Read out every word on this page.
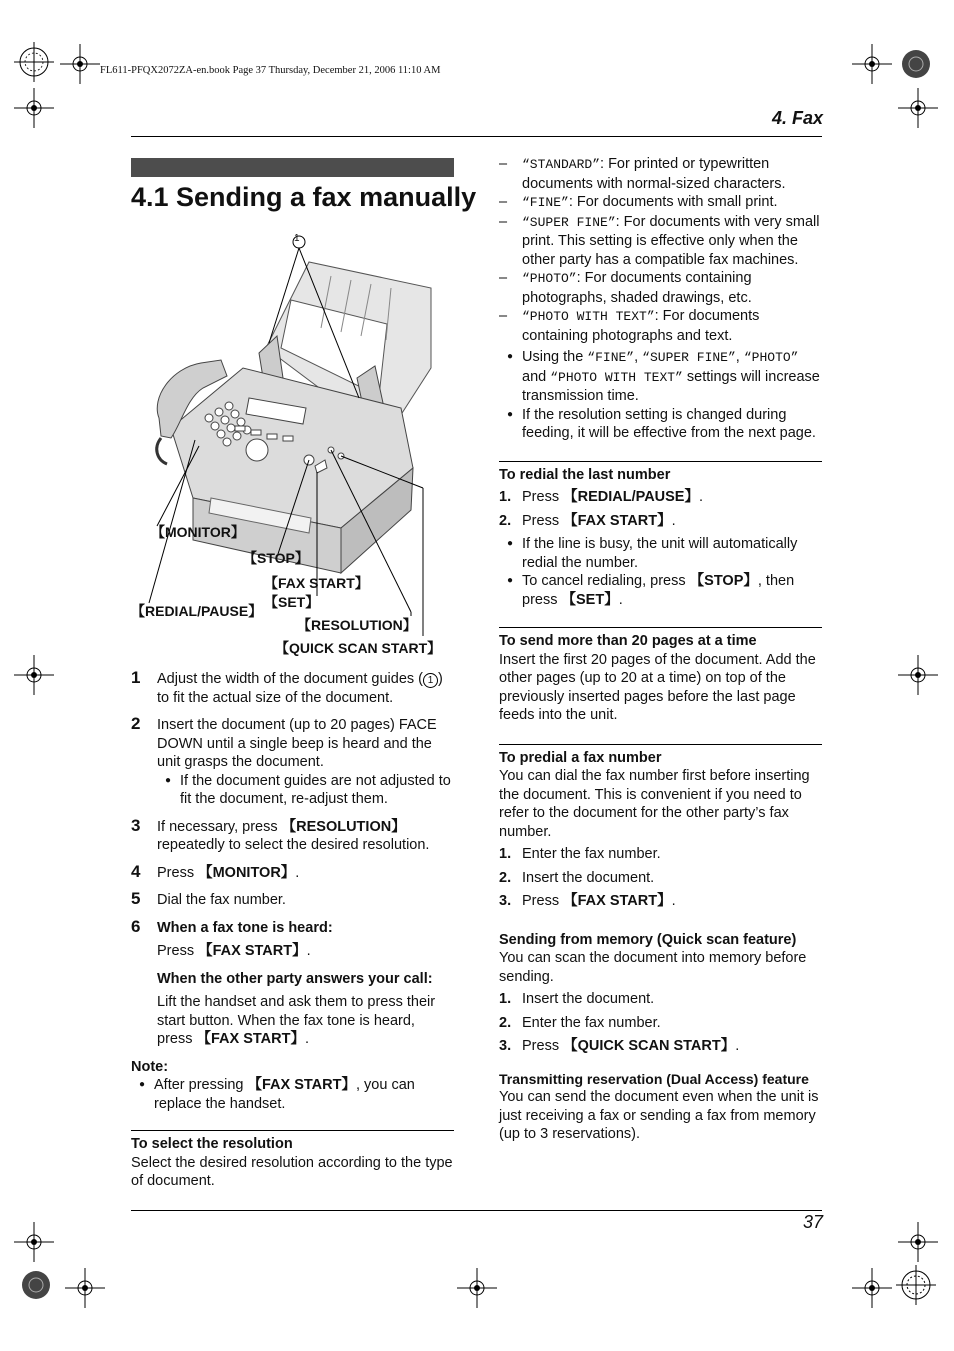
FL611-PFQX2072ZA-en.book Page 37 Thursday, December 21, 2006 11:10 AM
4. Fax
4.1 Sending a fax manually
1
【MONITOR】
【STOP】
【FAX START】
【SET】
【REDIAL/PAUSE】
【RESOLUTION】
【QUICK SCAN START】
1 Adjust the width of the document guides ( 1 ) to fit the actual size of the document.
2 Insert the document (up to 20 pages) FACE DOWN until a single beep is heard and the unit grasps the document.

● If the document guides are not adjusted to fit the document, re-adjust them.

3 If necessary, press 【RESOLUTION】 repeatedly to select the desired resolution.
4 Press 【MONITOR】.
5 Dial the fax number.
6 When a fax tone is heard:

Press 【FAX START】.

When the other party answers your call:

Lift the handset and ask them to press their start button. When the fax tone is heard, press 【FAX START】.

Note:

● After pressing 【FAX START】, you can replace the handset.

To select the resolution

Select the desired resolution according to the type of document.

– “STANDARD”: For printed or typewritten documents with normal-sized characters.
– “FINE”: For documents with small print.
– “SUPER FINE”: For documents with very small print. This setting is effective only when the other party has a compatible fax machines.
– “PHOTO”: For documents containing photographs, shaded drawings, etc.
– “PHOTO WITH TEXT”: For documents containing photographs and text.

● Using the “FINE”, “SUPER FINE”, “PHOTO” and “PHOTO WITH TEXT” settings will increase transmission time.

● If the resolution setting is changed during feeding, it will be effective from the next page.

To redial the last number
1. Press 【REDIAL/PAUSE】.
2. Press 【FAX START】.

● If the line is busy, the unit will automatically redial the number.

● To cancel redialing, press 【STOP】, then press 【SET】.

To send more than 20 pages at a time

Insert the first 20 pages of the document. Add the other pages (up to 20 at a time) on top of the previously inserted pages before the last page feeds into the unit.

To predial a fax number

You can dial the fax number first before inserting the document. This is convenient if you need to refer to the document for the other party’s fax number.

1. Enter the fax number.
2. Insert the document.
3. Press 【FAX START】.
Sending from memory (Quick scan feature)

You can scan the document into memory before sending.

1. Insert the document.
2. Enter the fax number.
3. Press 【QUICK SCAN START】.
Transmitting reservation (Dual Access) feature

You can send the document even when the unit is just receiving a fax or sending a fax from memory (up to 3 reservations).

37
